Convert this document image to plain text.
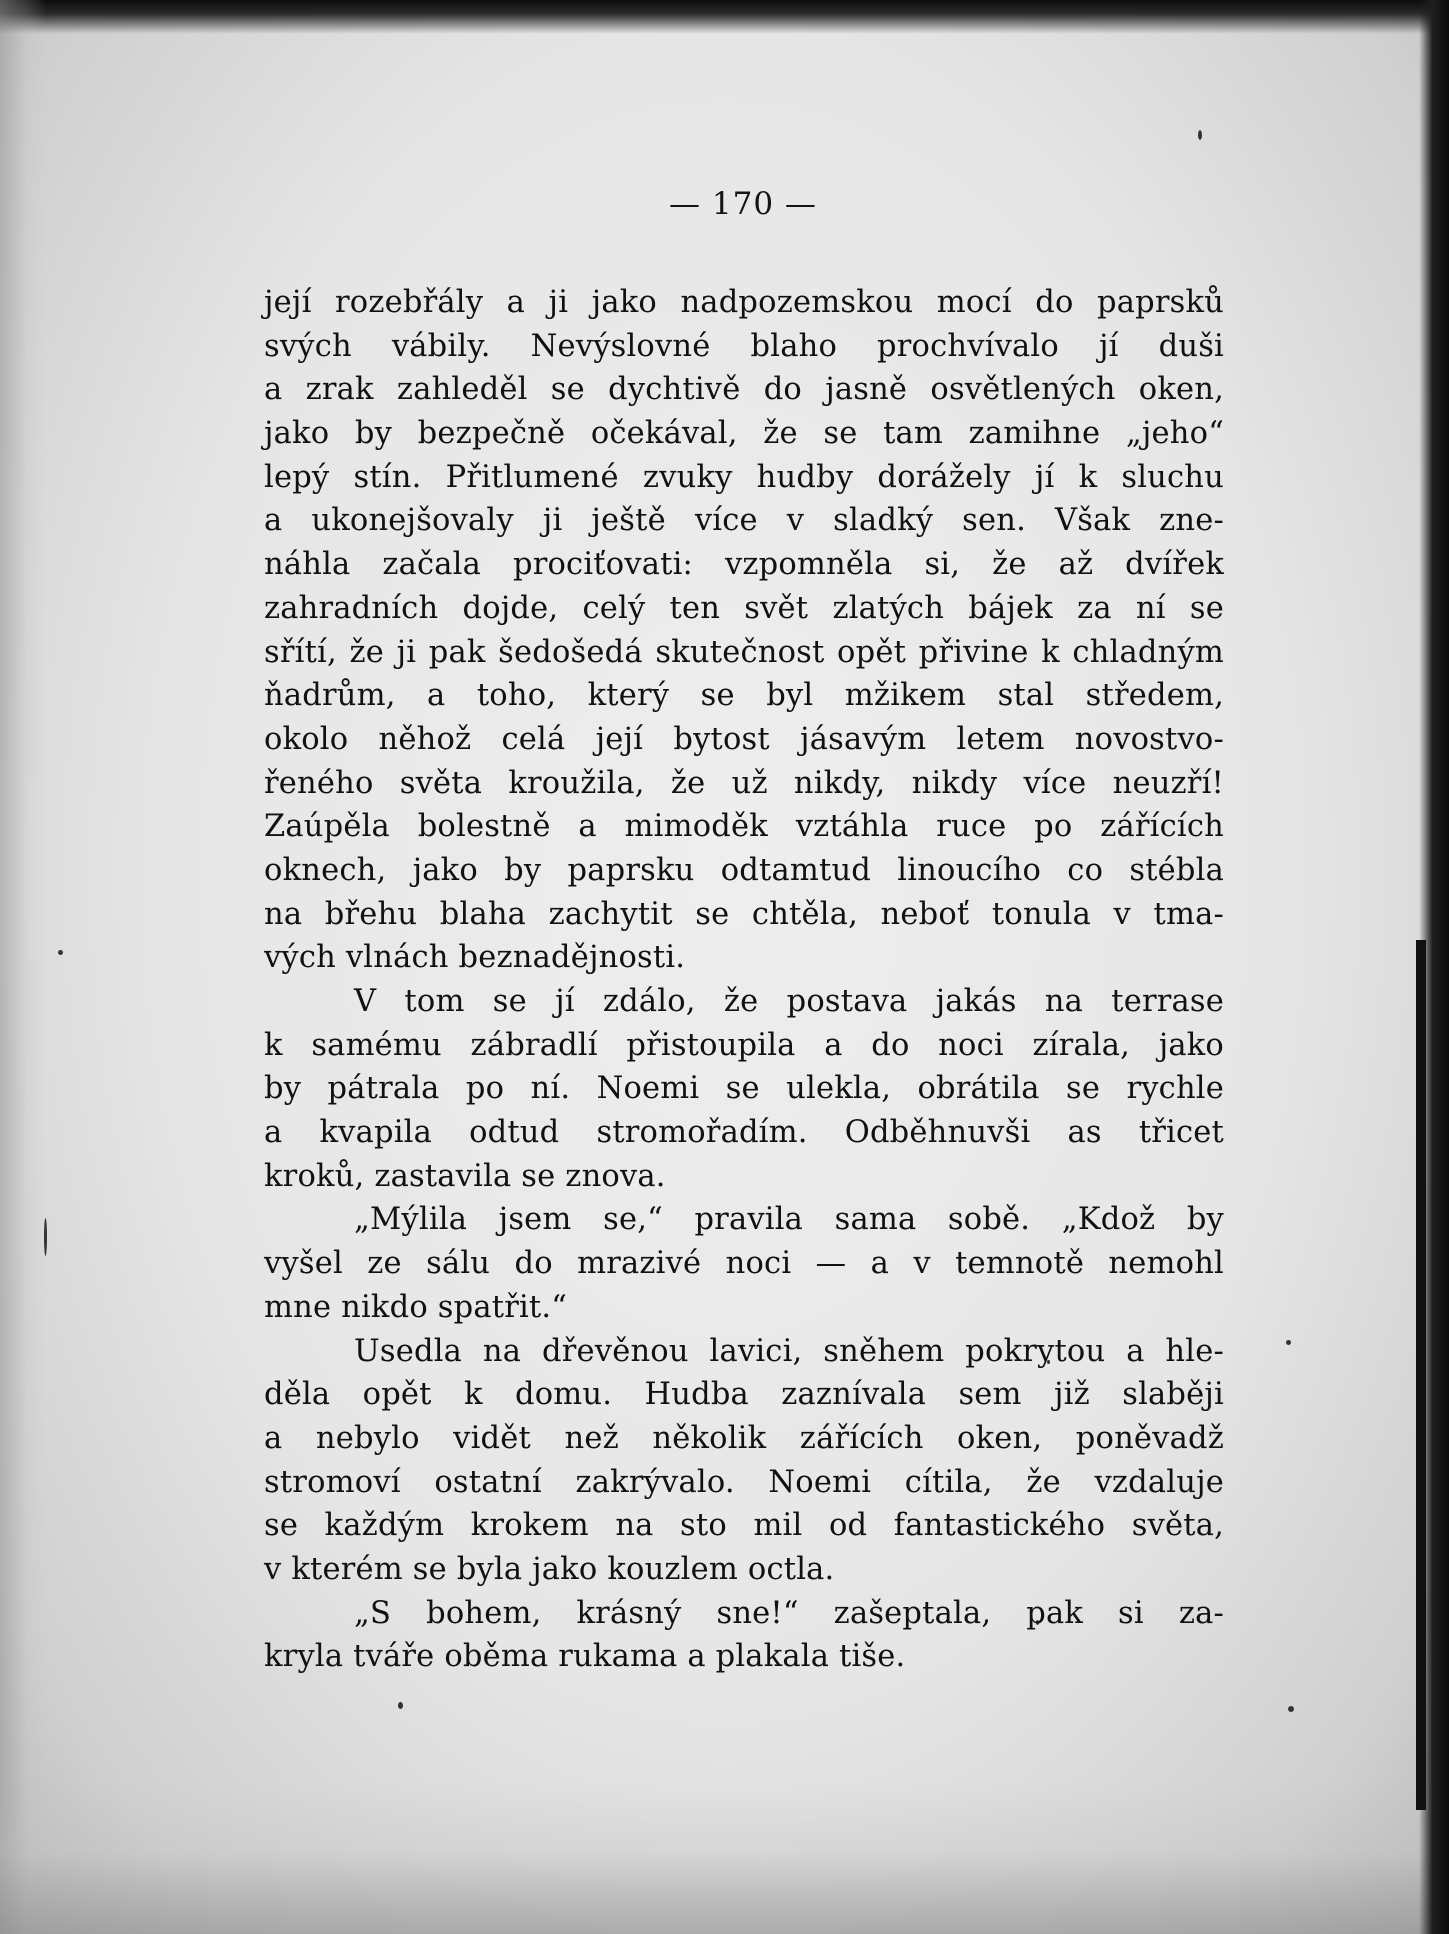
— 170 —
její rozebřály a ji jako nadpozemskou mocí do paprsků
svých vábily. Nevýslovné blaho prochvívalo jí duši
a zrak zahleděl se dychtivě do jasně osvětlených oken,
jako by bezpečně očekával, že se tam zamihne „jeho“
lepý stín. Přitlumené zvuky hudby dorážely jí k sluchu
a ukonejšovaly ji ještě více v sladký sen. Však zne-
náhla začala prociťovati: vzpomněla si, že až dvířek
zahradních dojde, celý ten svět zlatých bájek za ní se
sřítí, že ji pak šedošedá skutečnost opět přivine k chladným
ňadrům, a toho, který se byl mžikem stal středem,
okolo něhož celá její bytost jásavým letem novostvo-
řeného světa kroužila, že už nikdy, nikdy více neuzří!
Zaúpěla bolestně a mimoděk vztáhla ruce po zářících
oknech, jako by paprsku odtamtud linoucího co stébla
na břehu blaha zachytit se chtěla, neboť tonula v tma-
vých vlnách beznadějnosti.
V tom se jí zdálo, že postava jakás na terrase
k samému zábradlí přistoupila a do noci zírala, jako
by pátrala po ní. Noemi se ulekla, obrátila se rychle
a kvapila odtud stromořadím. Odběhnuvši as třicet
kroků, zastavila se znova.
„Mýlila jsem se,“ pravila sama sobě. „Kdož by
vyšel ze sálu do mrazivé noci — a v temnotě nemohl
mne nikdo spatřit.“
Usedla na dřevěnou lavici, sněhem pokrytou a hle-
děla opět k domu. Hudba zaznívala sem již slaběji
a nebylo vidět než několik zářících oken, poněvadž
stromoví ostatní zakrývalo. Noemi cítila, že vzdaluje
se každým krokem na sto mil od fantastického světa,
v kterém se byla jako kouzlem octla.
„S bohem, krásný sne!“ zašeptala, pak si za-
kryla tváře oběma rukama a plakala tiše.
